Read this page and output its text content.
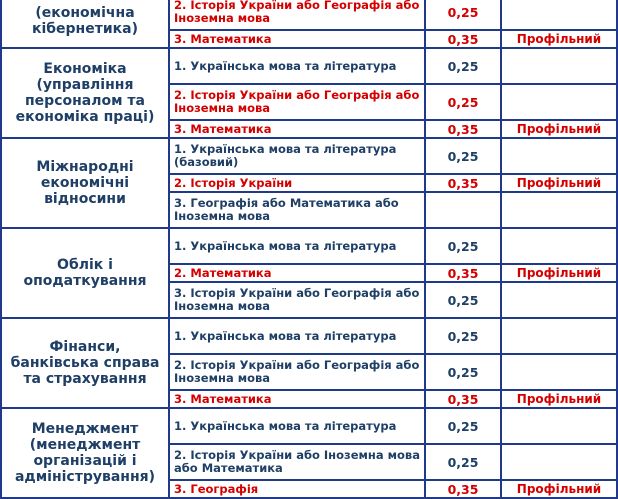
(економічна кібернетика)	2. Історія України або Географія або Іноземна мова	0,25	
	3. Математика	0,35	Профільний
Економіка (управління персоналом та економіка праці)	1. Українська мова та література	0,25	
	2. Історія України або Географія або Іноземна мова	0,25	
	3. Математика	0,35	Профільний
Міжнародні економічні відносини	1. Українська мова та література (базовий)	0,25	
	2. Історія України	0,35	Профільний
	3. Географія або Математика або Іноземна мова		
Облік і оподаткування	1. Українська мова та література	0,25	
	2. Математика	0,35	Профільний
	3. Історія України або Географія або Іноземна мова	0,25	
Фінанси, банківська справа та страхування	1. Українська мова та література	0,25	
	2. Історія України або Географія або Іноземна мова	0,25	
	3. Математика	0,35	Профільний
Менеджмент (менеджмент організацій і адміністрування)	1. Українська мова та література	0,25	
	2. Історія України або Іноземна мова або Математика	0,25	
	3. Географія	0,35	Профільний
